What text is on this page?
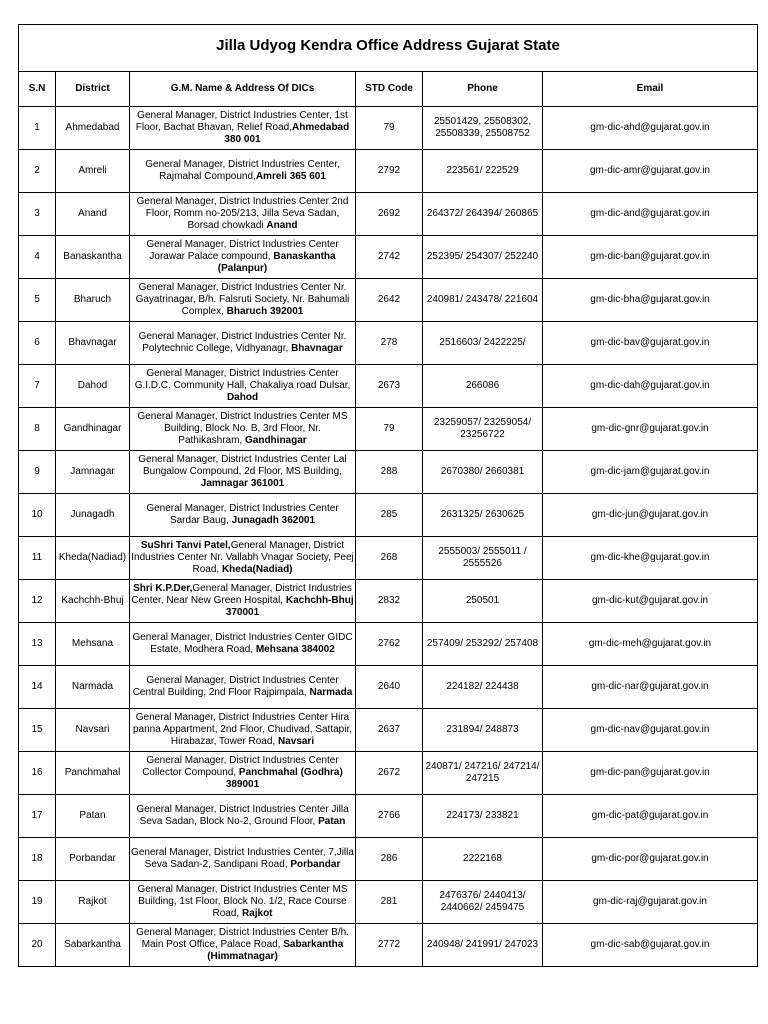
Jilla Udyog Kendra Office Address Gujarat State					
S.N	District	G.M. Name & Address Of DICs	STD Code	Phone	Email
1	Ahmedabad	General Manager, District Industries Center, 1st Floor, Bachat Bhavan, Relief Road,Ahmedabad 380 001	79	25501429, 25508302, 25508339, 25508752	gm-dic-ahd@gujarat.gov.in
2	Amreli	General Manager, District Industries Center, Rajmahal Compound,Amreli 365 601	2792	223561/ 222529	gm-dic-amr@gujarat.gov.in
3	Anand	General Manager, District Industries Center 2nd Floor, Romm no-205/213, Jilla Seva Sadan, Borsad chowkadi Anand	2692	264372/ 264394/ 260865	gm-dic-and@gujarat.gov.in
4	Banaskantha	General Manager, District Industries Center Jorawar Palace compound, Banaskantha (Palanpur)	2742	252395/ 254307/ 252240	gm-dic-ban@gujarat.gov.in
5	Bharuch	General Manager, District Industries Center Nr. Gayatrinagar, B/h. Falsruti Society, Nr. Bahumali Complex, Bharuch 392001	2642	240981/ 243478/ 221604	gm-dic-bha@gujarat.gov.in
6	Bhavnagar	General Manager, District Industries Center Nr. Polytechnic College, Vidhyanagr, Bhavnagar	278	2516603/ 2422225/	gm-dic-bav@gujarat.gov.in
7	Dahod	General Manager, District Industries Center G.I.D.C. Community Hall, Chakaliya road Dulsar, Dahod	2673	266086	gm-dic-dah@gujarat.gov.in
8	Gandhinagar	General Manager, District Industries Center MS Building, Block No. B, 3rd Floor, Nr. Pathikashram, Gandhinagar	79	23259057/ 23259054/ 23256722	gm-dic-gnr@gujarat.gov.in
9	Jamnagar	General Manager, District Industries Center Lal Bungalow Compound, 2d Floor, MS Building, Jamnagar 361001	288	2670380/ 2660381	gm-dic-jam@gujarat.gov.in
10	Junagadh	General Manager, District Industries Center Sardar Baug, Junagadh 362001	285	2631325/ 2630625	gm-dic-jun@gujarat.gov.in
11	Kheda(Nadiad)	SuShri Tanvi Patel,General Manager, District Industries Center Nr. Vallabh Vnagar Society, Peej Road, Kheda(Nadiad)	268	2555003/ 2555011 / 2555526	gm-dic-khe@gujarat.gov.in
12	Kachchh-Bhuj	Shri K.P.Der,General Manager, District Industries Center, Near New Green Hospital, Kachchh-Bhuj 370001	2832	250501	gm-dic-kut@gujarat.gov.in
13	Mehsana	General Manager, District Industries Center GIDC Estate, Modhera Road, Mehsana 384002	2762	257409/ 253292/ 257408	gm-dic-meh@gujarat.gov.in
14	Narmada	General Manager, District Industries Center Central Building, 2nd Floor Rajpimpala, Narmada	2640	224182/ 224438	gm-dic-nar@gujarat.gov.in
15	Navsari	General Manager, District Industries Center Hira panna Appartment, 2nd Floor, Chudivad, Sattapir, Hirabazar, Tower Road, Navsari	2637	231894/ 248873	gm-dic-nav@gujarat.gov.in
16	Panchmahal	General Manager, District Industries Center Collector Compound, Panchmahal (Godhra) 389001	2672	240871/ 247216/ 247214/ 247215	gm-dic-pan@gujarat.gov.in
17	Patan	General Manager, District Industries Center Jilla Seva Sadan, Block No-2, Ground Floor, Patan	2766	224173/ 233821	gm-dic-pat@gujarat.gov.in
18	Porbandar	General Manager, District Industries Center, 7,Jilla Seva Sadan-2, Sandipani Road, Porbandar	286	2222168	gm-dic-por@gujarat.gov.in
19	Rajkot	General Manager, District Industries Center MS Building, 1st Floor, Block No. 1/2, Race Course Road, Rajkot	281	2476376/ 2440413/ 2440662/ 2459475	gm-dic-raj@gujarat.gov.in
20	Sabarkantha	General Manager, District Industries Center B/h. Main Post Office, Palace Road, Sabarkantha (Himmatnagar)	2772	240948/ 241991/ 247023	gm-dic-sab@gujarat.gov.in
